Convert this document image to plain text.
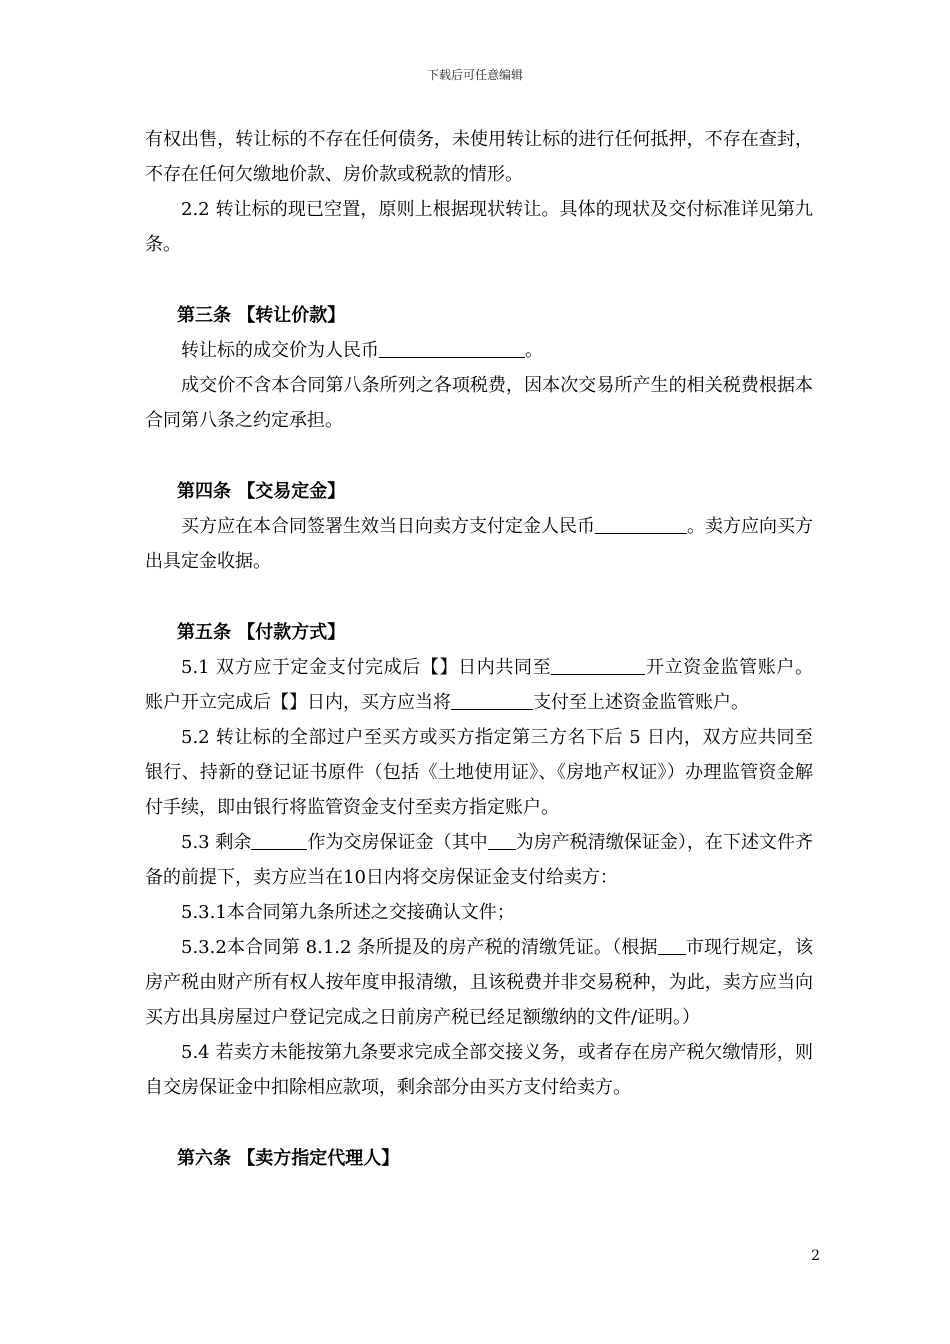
下载后可任意编辑

有权出售，转让标的不存在任何债务，未使用转让标的进行任何抵押，不存在查封，不存在任何欠缴地价款、房价款或税款的情形。

2.2 转让标的现已空置，原则上根据现状转让。具体的现状及交付标准详见第九条。

第三条 【转让价款】

转让标的成交价为人民币	。

成交价不含本合同第八条所列之各项税费，因本次交易所产生的相关税费根据本合同第八条之约定承担。

第四条 【交易定金】

买方应在本合同签署生效当日向卖方支付定金人民币	。卖方应向买方出具定金收据。

第五条 【付款方式】

5.1 双方应于定金支付完成后【】日内共同至	开立资金监管账户。账户开立完成后【】日内，买方应当将	支付至上述资金监管账户。

5.2 转让标的全部过户至买方或买方指定第三方名下后 5 日内，双方应共同至银行、持新的登记证书原件（包括《土地使用证》、《房地产权证》）办理监管资金解付手续，即由银行将监管资金支付至卖方指定账户。

5.3 剩余	作为交房保证金（其中 为房产税清缴保证金），在下述文件齐备的前提下，卖方应当在10日内将交房保证金支付给卖方：

5.3.1本合同第九条所述之交接确认文件；

5.3.2本合同第 8.1.2 条所提及的房产税的清缴凭证。（根据 市现行规定，该房产税由财产所有权人按年度申报清缴，且该税费并非交易税种，为此，卖方应当向买方出具房屋过户登记完成之日前房产税已经足额缴纳的文件/证明。）

5.4 若卖方未能按第九条要求完成全部交接义务，或者存在房产税欠缴情形，则自交房保证金中扣除相应款项，剩余部分由买方支付给卖方。

第六条 【卖方指定代理人】

2
